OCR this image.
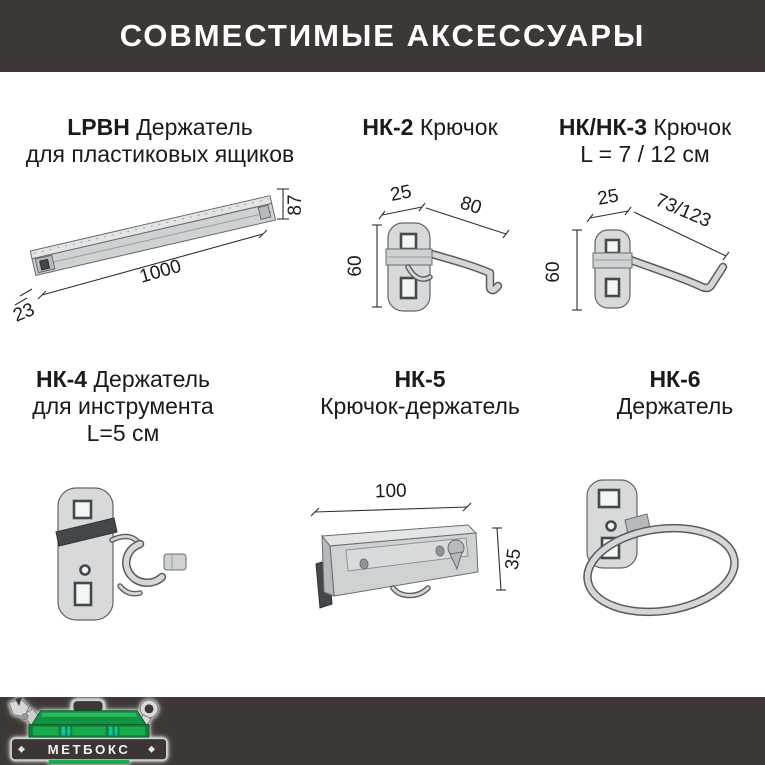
СОВМЕСТИМЫЕ АКСЕССУАРЫ
LPBH Держатель
для пластиковых ящиков
НК-2 Крючок	НК/НК-3 Крючок
L = 7 / 12 см
НК-4 Держатель
для инструмента
L=5 см
НК-5
Крючок-держатель
НК-6
Держатель
1000
87
23
60
25 80
60
25 73/123
100
35
МЕТБОКС
